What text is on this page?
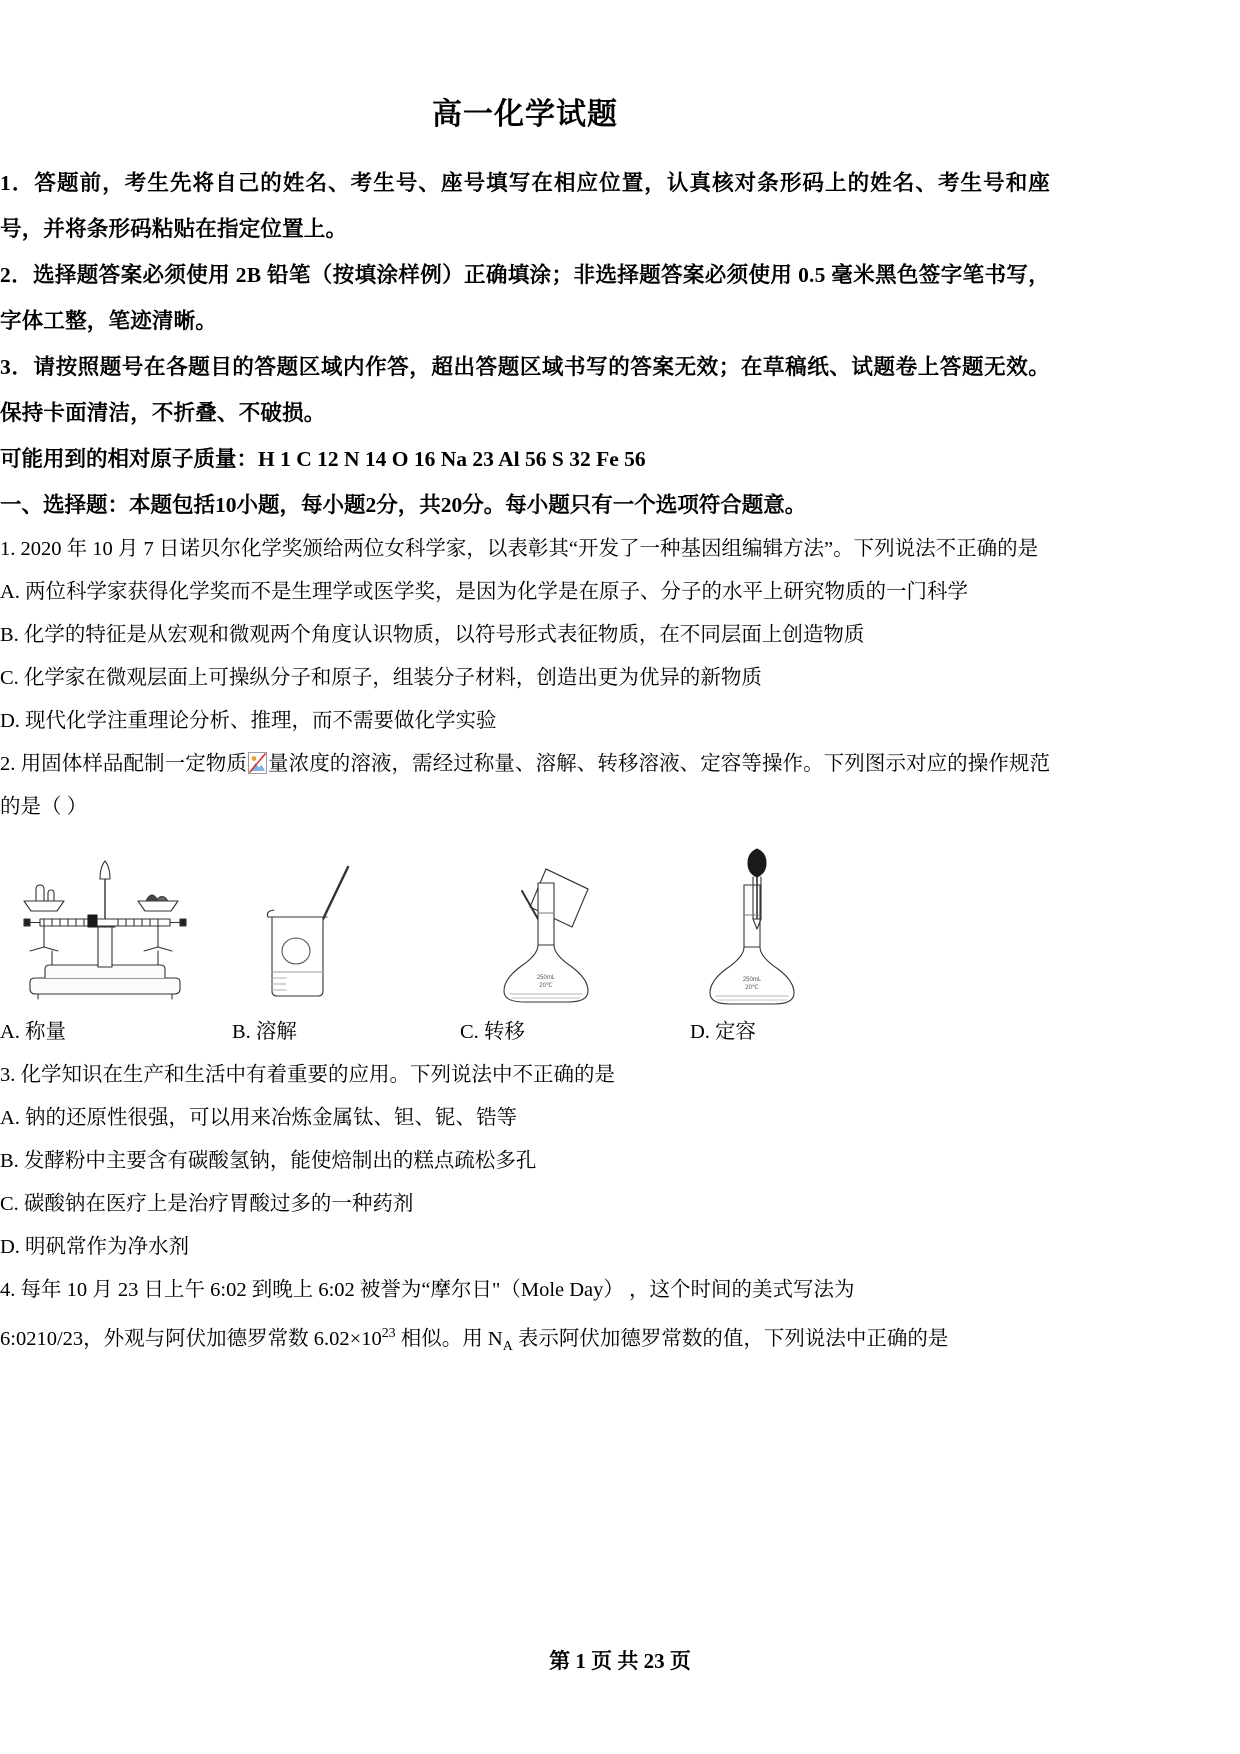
高一化学试题

1．答题前，考生先将自己的姓名、考生号、座号填写在相应位置，认真核对条形码上的姓名、考生号和座号，并将条形码粘贴在指定位置上。

2．选择题答案必须使用 2B 铅笔（按填涂样例）正确填涂；非选择题答案必须使用 0.5 毫米黑色签字笔书写，字体工整，笔迹清晰。

3．请按照题号在各题目的答题区域内作答，超出答题区域书写的答案无效；在草稿纸、试题卷上答题无效。保持卡面清洁，不折叠、不破损。

可能用到的相对原子质量：H 1 C 12 N 14 O 16 Na 23 Al 56 S 32 Fe 56

一、选择题：本题包括10小题，每小题2分，共20分。每小题只有一个选项符合题意。

1. 2020 年 10 月 7 日诺贝尔化学奖颁给两位女科学家，以表彰其“开发了一种基因组编辑方法”。下列说法不正确的是

A. 两位科学家获得化学奖而不是生理学或医学奖，是因为化学是在原子、分子的水平上研究物质的一门科学

B. 化学的特征是从宏观和微观两个角度认识物质，以符号形式表征物质，在不同层面上创造物质

C. 化学家在微观层面上可操纵分子和原子，组装分子材料，创造出更为优异的新物质

D. 现代化学注重理论分析、推理，而不需要做化学实验

2. 用固体样品配制一定物质 量浓度的溶液，需经过称量、溶解、转移溶液、定容等操作。下列图示对应的操作规范的是（ ）

250mL
20℃
250mL
20℃
A. 称量	B. 溶解	C. 转移	D. 定容

3. 化学知识在生产和生活中有着重要的应用。下列说法中不正确的是

A. 钠的还原性很强，可以用来冶炼金属钛、钽、铌、锆等

B. 发酵粉中主要含有碳酸氢钠，能使焙制出的糕点疏松多孔

C. 碳酸钠在医疗上是治疗胃酸过多的一种药剂

D. 明矾常作为净水剂

4. 每年 10 月 23 日上午 6:02 到晚上 6:02 被誉为“摩尔日"（Mole Day） ，这个时间的美式写法为

6:0210/23，外观与阿伏加德罗常数 $6.02\times 10^{23}$ 相似。用 $N_A$ 表示阿伏加德罗常数的值，下列说法中正确的是

第 1 页 共 23 页
